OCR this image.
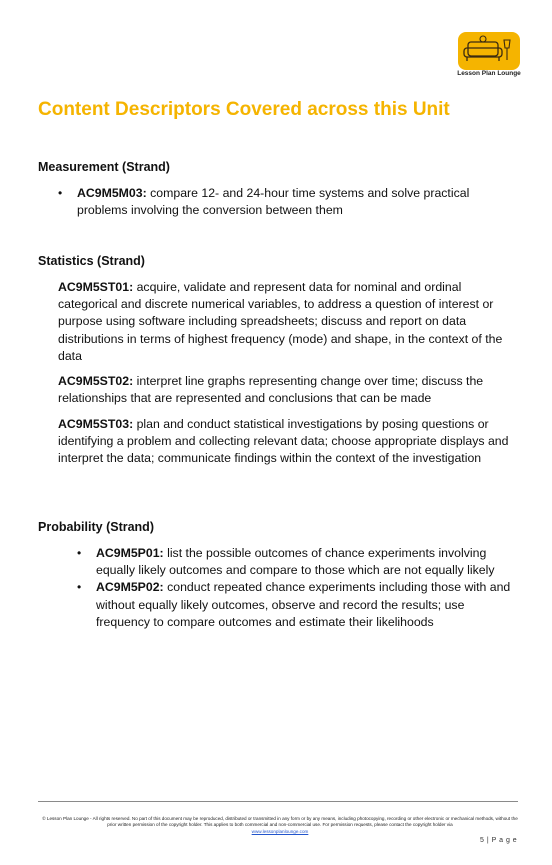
Lesson Plan Lounge
Content Descriptors Covered across this Unit
Measurement (Strand)
• AC9M5M03: compare 12- and 24-hour time systems and solve practical problems involving the conversion between them
Statistics (Strand)

AC9M5ST01: acquire, validate and represent data for nominal and ordinal categorical and discrete numerical variables, to address a question of interest or purpose using software including spreadsheets; discuss and report on data distributions in terms of highest frequency (mode) and shape, in the context of the data

AC9M5ST02: interpret line graphs representing change over time; discuss the relationships that are represented and conclusions that can be made

AC9M5ST03: plan and conduct statistical investigations by posing questions or identifying a problem and collecting relevant data; choose appropriate displays and interpret the data; communicate findings within the context of the investigation

Probability (Strand)
• AC9M5P01: list the possible outcomes of chance experiments involving equally likely outcomes and compare to those which are not equally likely
• AC9M5P02: conduct repeated chance experiments including those with and without equally likely outcomes, observe and record the results; use frequency to compare outcomes and estimate their likelihoods
© Lesson Plan Lounge - All rights reserved. No part of this document may be reproduced, distributed or transmitted in any form or by any means, including photocopying, recording or other electronic or mechanical methods, without the prior written permission of the copyright holder. This applies to both commercial and non-commercial use. For permission requests, please contact the copyright holder via
www.lessonplanlounge.com
5 | P a g e
